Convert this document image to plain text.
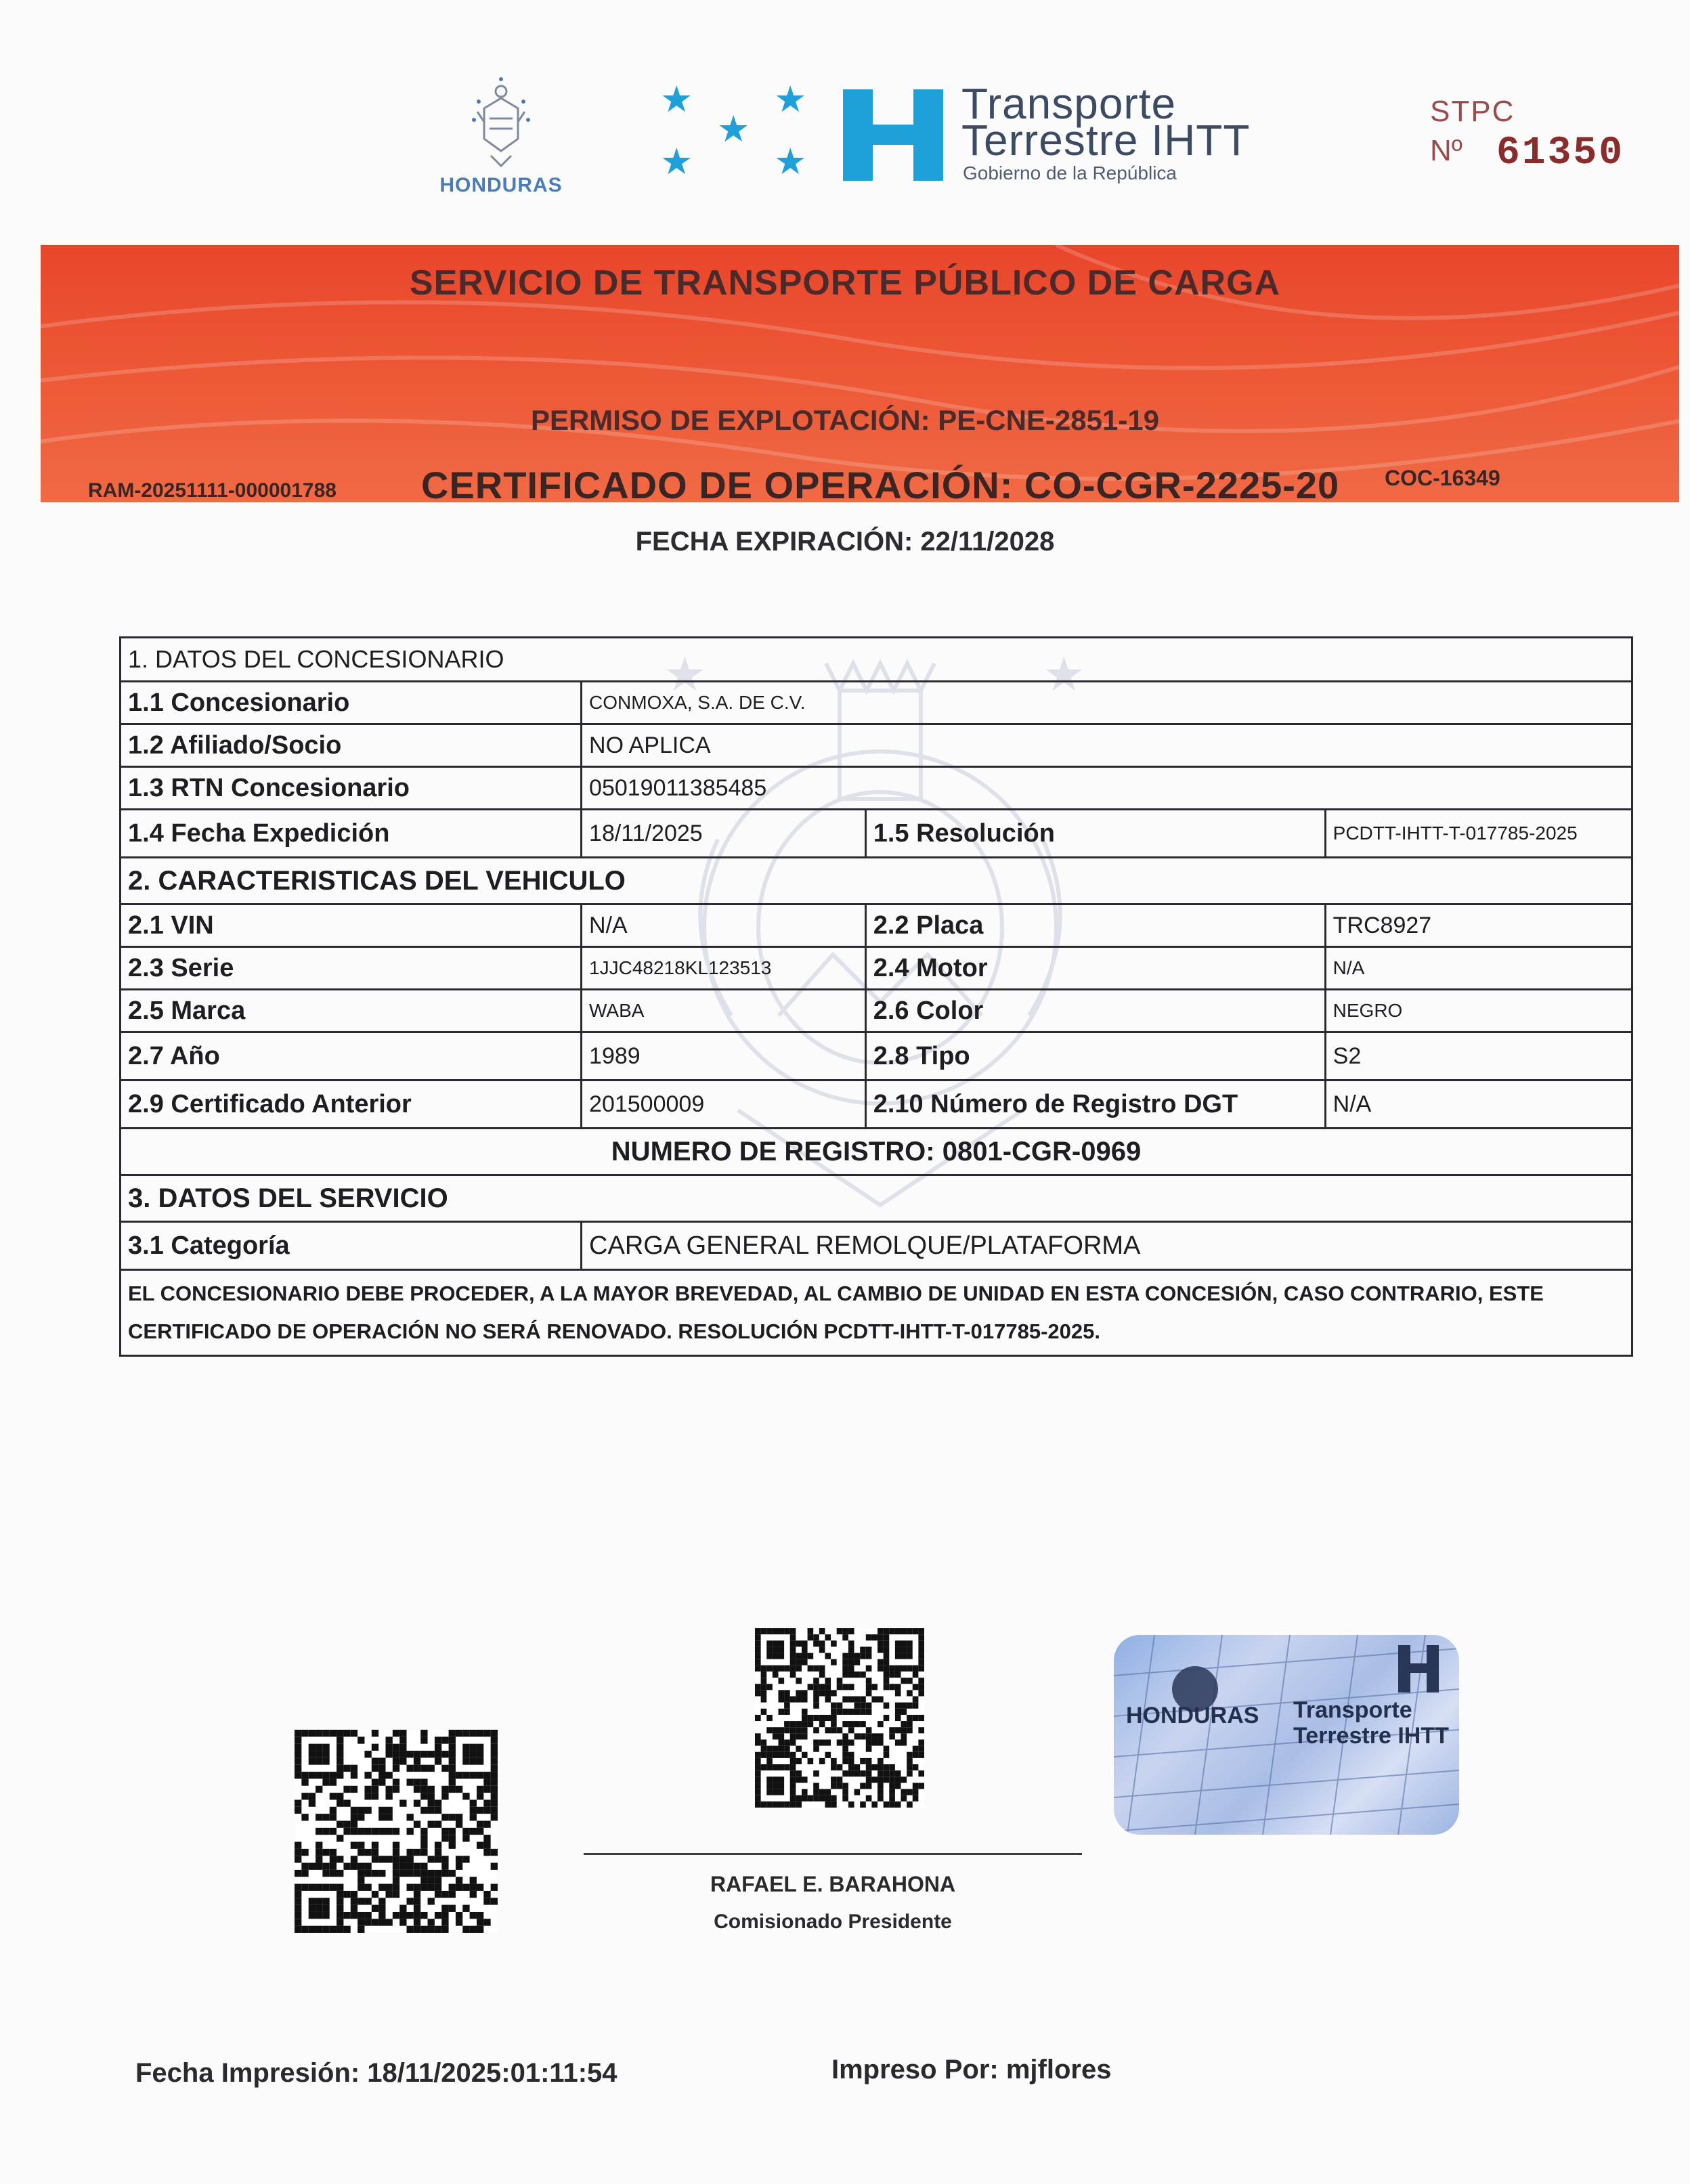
HONDURAS
★ ★
★
★ ★
Transporte
Terrestre IHTT
Gobierno de la República
STPC
Nº 61350
SERVICIO DE TRANSPORTE PÚBLICO DE CARGA
PERMISO DE EXPLOTACIÓN: PE-CNE-2851-19
RAM-20251111-000001788 CERTIFICADO DE OPERACIÓN: CO-CGR-2225-20 COC-16349
FECHA EXPIRACIÓN: 22/11/2028
★	★
1. DATOS DEL CONCESIONARIO			
1.1 Concesionario	CONMOXA, S.A. DE C.V.		
1.2 Afiliado/Socio	NO APLICA		
1.3 RTN Concesionario	05019011385485		
1.4 Fecha Expedición	18/11/2025	1.5 Resolución	PCDTT-IHTT-T-017785-2025
2. CARACTERISTICAS DEL VEHICULO			
2.1 VIN	N/A	2.2 Placa	TRC8927
2.3 Serie	1JJC48218KL123513	2.4 Motor	N/A
2.5 Marca	WABA	2.6 Color	NEGRO
2.7 Año	1989	2.8 Tipo	S2
2.9 Certificado Anterior	201500009	2.10 Número de Registro DGT	N/A
NUMERO DE REGISTRO: 0801-CGR-0969			
3. DATOS DEL SERVICIO			
3.1 Categoría	CARGA GENERAL REMOLQUE/PLATAFORMA		
EL CONCESIONARIO DEBE PROCEDER, A LA MAYOR BREVEDAD, AL CAMBIO DE UNIDAD EN ESTA CONCESIÓN, CASO CONTRARIO, ESTE CERTIFICADO DE OPERACIÓN NO SERÁ RENOVADO. RESOLUCIÓN PCDTT-IHTT-T-017785-2025.			
HONDURAS Transporte
Terrestre IHTT
RAFAEL E. BARAHONA
Comisionado Presidente
Fecha Impresión: 18/11/2025:01:11:54	Impreso Por: mjflores
